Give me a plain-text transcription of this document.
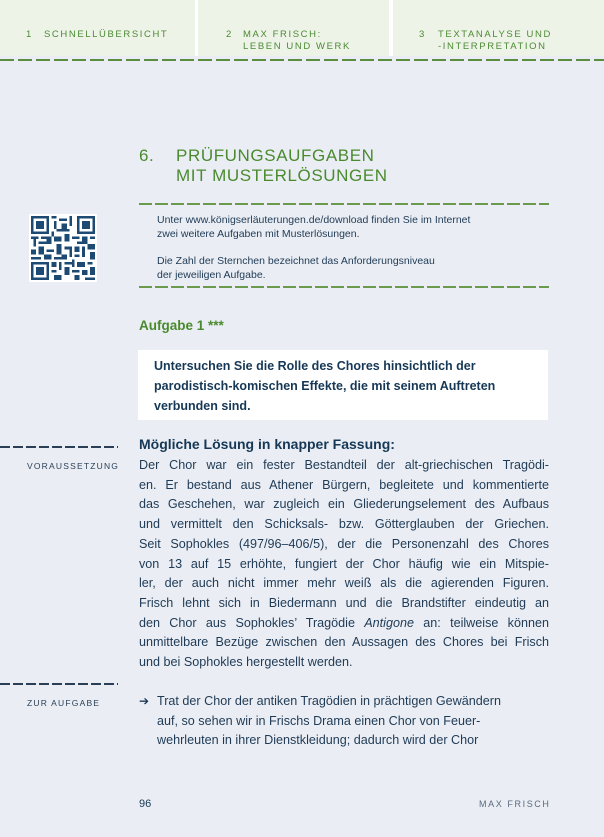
1 SCHNELLÜBERSICHT	2 MAX FRISCH:
LEBEN UND WERK
3 TEXTANALYSE UND
-INTERPRETATION
6. PRÜFUNGSAUFGABEN
MIT MUSTERLÖSUNGEN
Unter www.königserläuterungen.de/download finden Sie im Internet
zwei weitere Aufgaben mit Musterlösungen.
Die Zahl der Sternchen bezeichnet das Anforderungsniveau
der jeweiligen Aufgabe.
Aufgabe 1 ***
Untersuchen Sie die Rolle des Chores hinsichtlich der
parodistisch-komischen Effekte, die mit seinem Auftreten
verbunden sind.
VORAUSSETZUNG
Mögliche Lösung in knapper Fassung:
Der Chor war ein fester Bestandteil der alt-griechischen Tragödi-
en. Er bestand aus Athener Bürgern, begleitete und kommentierte
das Geschehen, war zugleich ein Gliederungselement des Aufbaus
und vermittelt den Schicksals- bzw. Götterglauben der Griechen.
Seit Sophokles (497/96–406/5), der die Personenzahl des Chores
von 13 auf 15 erhöhte, fungiert der Chor häufig wie ein Mitspie-
ler, der auch nicht immer mehr weiß als die agierenden Figuren.
Frisch lehnt sich in Biedermann und die Brandstifter eindeutig an
den Chor aus Sophokles’ Tragödie Antigone an: teilweise können
unmittelbare Bezüge zwischen den Aussagen des Chores bei Frisch
und bei Sophokles hergestellt werden.
ZUR AUFGABE	➔ Trat der Chor der antiken Tragödien in prächtigen Gewändern
auf, so sehen wir in Frischs Drama einen Chor von Feuer-
wehrleuten in ihrer Dienstkleidung; dadurch wird der Chor
96	MAX FRISCH
